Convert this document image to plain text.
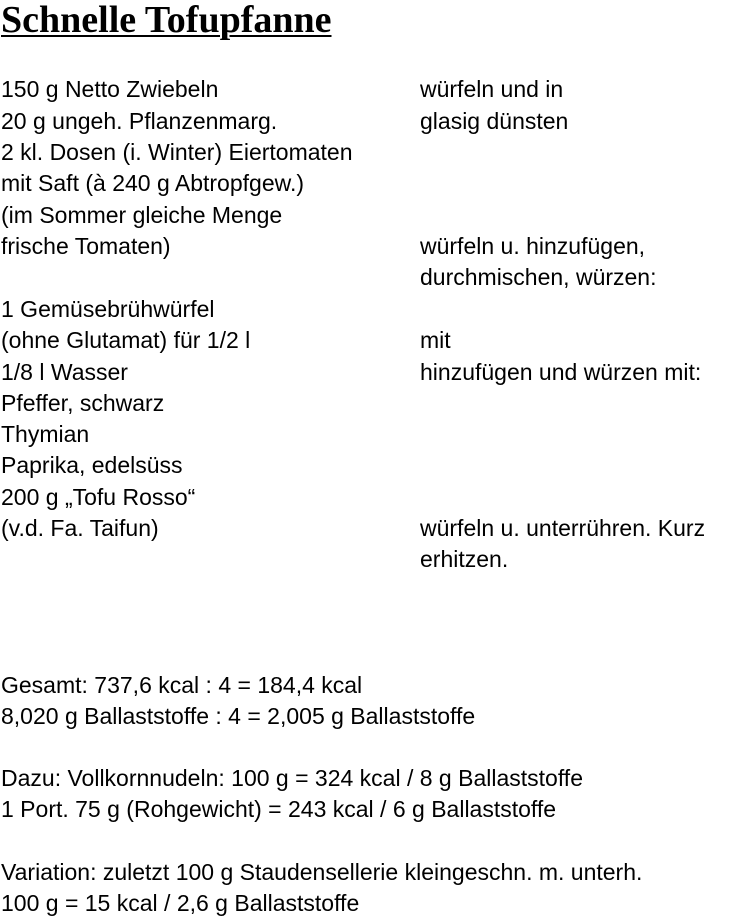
Schnelle Tofupfanne
150 g Netto Zwiebeln
20 g ungeh. Pflanzenmarg.
2 kl. Dosen (i. Winter) Eiertomaten
mit Saft (à 240 g Abtropfgew.)
(im Sommer gleiche Menge
frische Tomaten)
1 Gemüsebrühwürfel
(ohne Glutamat) für 1/2 l
1/8 l Wasser
Pfeffer, schwarz
Thymian
Paprika, edelsüss
200 g „Tofu Rosso“
(v.d. Fa. Taifun)
würfeln und in
glasig dünsten
würfeln u. hinzufügen,
durchmischen, würzen:
mit
hinzufügen und würzen mit:
würfeln u. unterrühren. Kurz
erhitzen.
Gesamt: 737,6 kcal : 4 = 184,4 kcal
8,020 g Ballaststoffe : 4 = 2,005 g Ballaststoffe
Dazu: Vollkornnudeln: 100 g = 324 kcal / 8 g Ballaststoffe
1 Port. 75 g (Rohgewicht) = 243 kcal / 6 g Ballaststoffe
Variation: zuletzt 100 g Staudensellerie kleingeschn. m. unterh.
100 g = 15 kcal / 2,6 g Ballaststoffe
